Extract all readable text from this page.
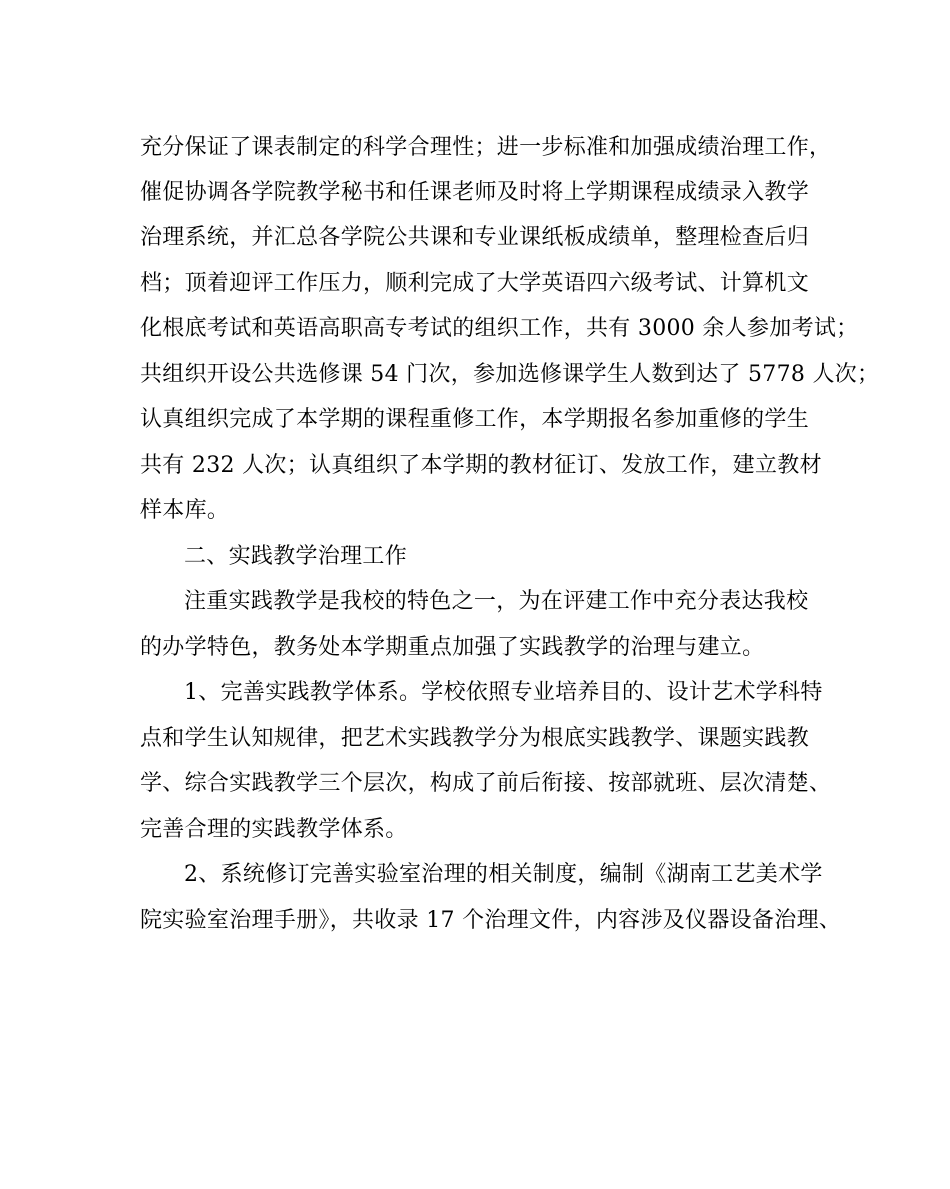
充分保证了课表制定的科学合理性；进一步标准和加强成绩治理工作，
催促协调各学院教学秘书和任课老师及时将上学期课程成绩录入教学
治理系统，并汇总各学院公共课和专业课纸板成绩单，整理检查后归
档；顶着迎评工作压力，顺利完成了大学英语四六级考试、计算机文
化根底考试和英语高职高专考试的组织工作，共有 3000 余人参加考试；
共组织开设公共选修课 54 门次，参加选修课学生人数到达了 5778 人次；
认真组织完成了本学期的课程重修工作，本学期报名参加重修的学生
共有 232 人次；认真组织了本学期的教材征订、发放工作，建立教材
样本库。
二、实践教学治理工作
注重实践教学是我校的特色之一，为在评建工作中充分表达我校
的办学特色，教务处本学期重点加强了实践教学的治理与建立。
1、完善实践教学体系。学校依照专业培养目的、设计艺术学科特
点和学生认知规律，把艺术实践教学分为根底实践教学、课题实践教
学、综合实践教学三个层次，构成了前后衔接、按部就班、层次清楚、
完善合理的实践教学体系。
2、系统修订完善实验室治理的相关制度，编制《湖南工艺美术学
院实验室治理手册》，共收录 17 个治理文件，内容涉及仪器设备治理、
